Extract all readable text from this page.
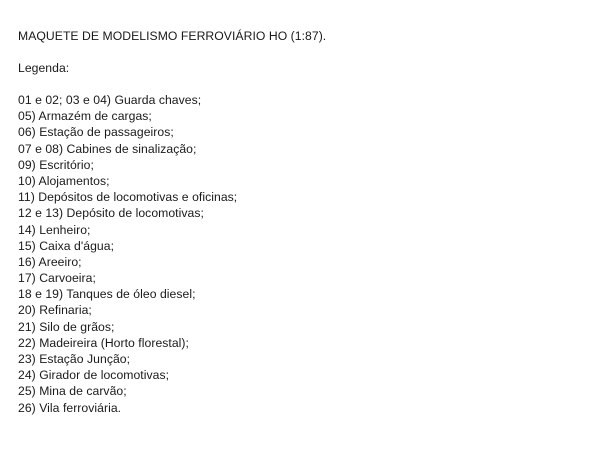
MAQUETE DE MODELISMO FERROVIÁRIO HO (1:87).
Legenda:
01 e 02; 03 e 04) Guarda chaves;
05) Armazém de cargas;
06) Estação de passageiros;
07 e 08) Cabines de sinalização;
09) Escritório;
10) Alojamentos;
11) Depósitos de locomotivas e oficinas;
12 e 13) Depósito de locomotivas;
14) Lenheiro;
15) Caixa d'água;
16) Areeiro;
17) Carvoeira;
18 e 19) Tanques de óleo diesel;
20) Refinaria;
21) Silo de grãos;
22) Madeireira (Horto florestal);
23) Estação Junção;
24) Girador de locomotivas;
25) Mina de carvão;
26) Vila ferroviária.
